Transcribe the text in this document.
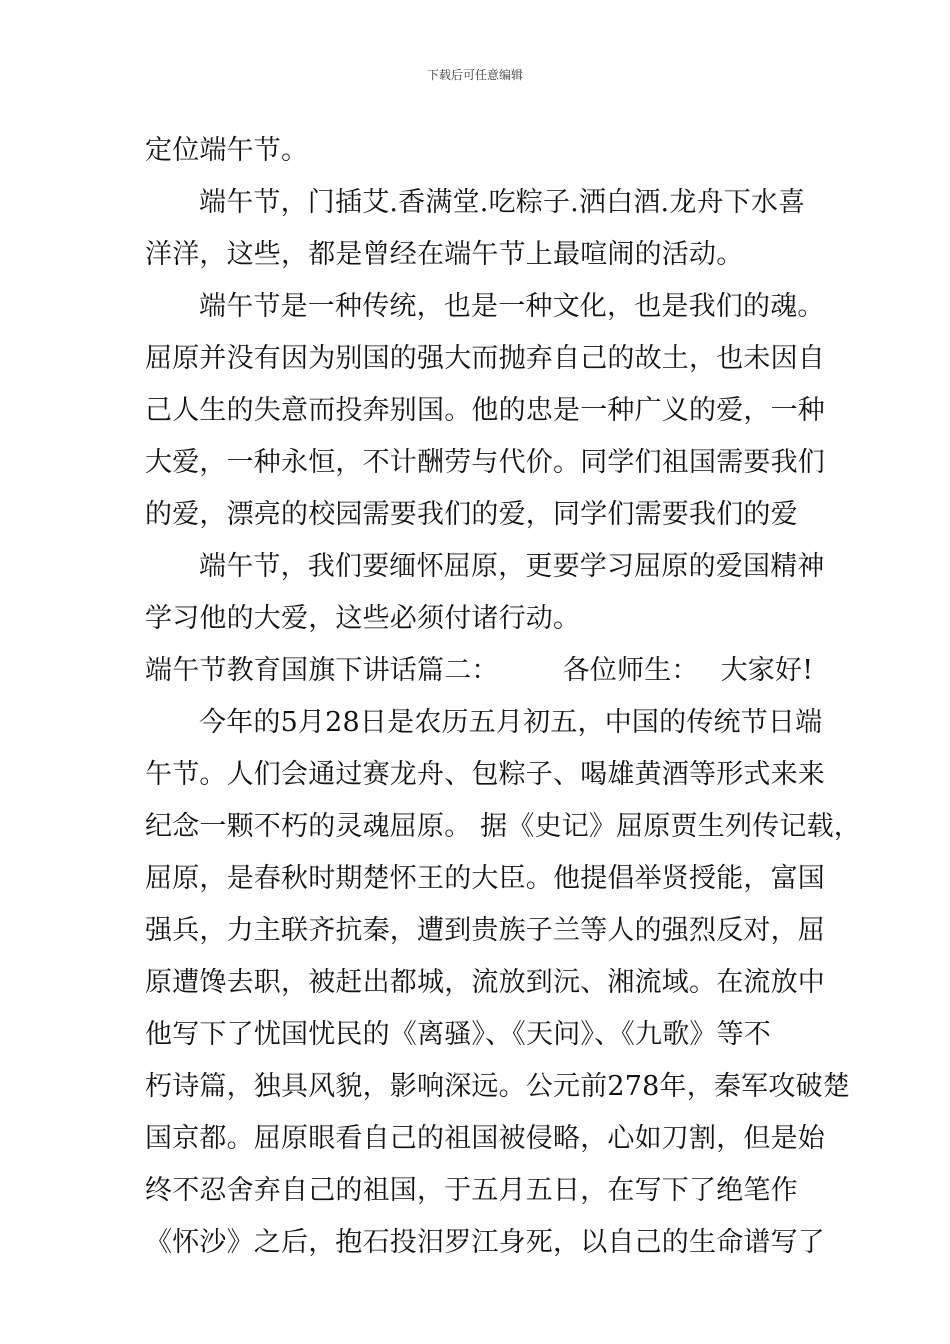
下载后可任意编辑
定位端午节。
端午节，门插艾.香满堂.吃粽子.洒白酒.龙舟下水喜
洋洋，这些，都是曾经在端午节上最喧闹的活动。
端午节是一种传统，也是一种文化，也是我们的魂。
屈原并没有因为别国的强大而抛弃自己的故土，也未因自
己人生的失意而投奔别国。他的忠是一种广义的爱，一种
大爱，一种永恒，不计酬劳与代价。同学们祖国需要我们
的爱，漂亮的校园需要我们的爱，同学们需要我们的爱
端午节，我们要缅怀屈原，更要学习屈原的爱国精神
学习他的大爱，这些必须付诸行动。
端午节教育国旗下讲话篇二： 各位师生： 大家好!
今年的5月28日是农历五月初五，中国的传统节日端
午节。人们会通过赛龙舟、包粽子、喝雄黄酒等形式来来
纪念一颗不朽的灵魂屈原。 据《史记》屈原贾生列传记载，
屈原，是春秋时期楚怀王的大臣。他提倡举贤授能，富国
强兵，力主联齐抗秦，遭到贵族子兰等人的强烈反对，屈
原遭馋去职，被赶出都城，流放到沅、湘流域。在流放中
他写下了忧国忧民的《离骚》、《天问》、《九歌》等不
朽诗篇，独具风貌，影响深远。公元前278年，秦军攻破楚
国京都。屈原眼看自己的祖国被侵略，心如刀割，但是始
终不忍舍弃自己的祖国，于五月五日，在写下了绝笔作
《怀沙》之后，抱石投汨罗江身死，以自己的生命谱写了
